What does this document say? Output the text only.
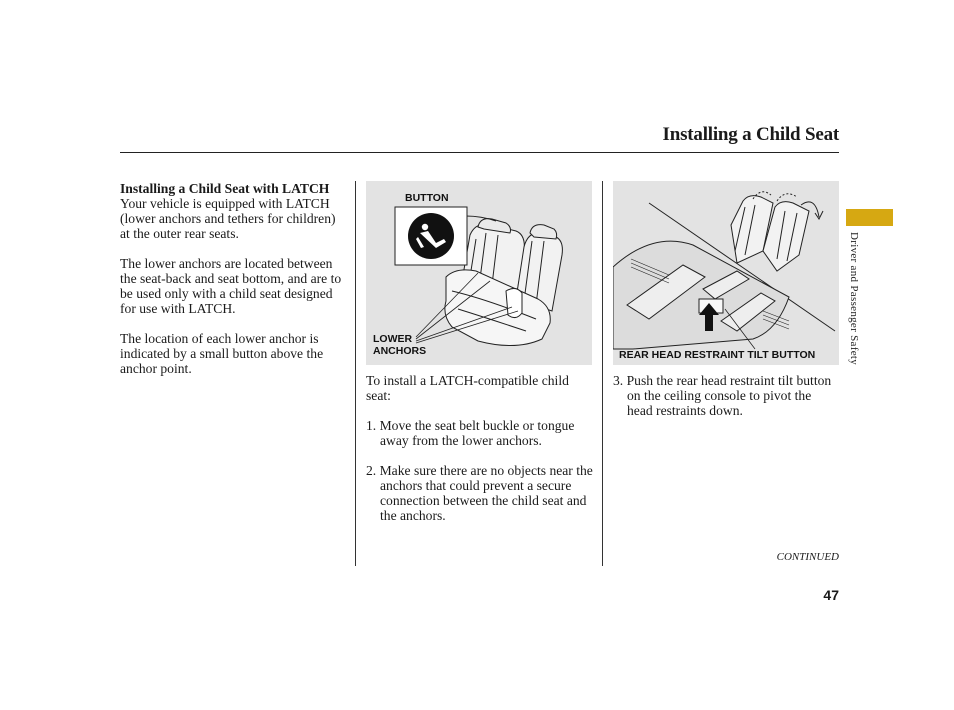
Installing a Child Seat
Installing a Child Seat with LATCH

Your vehicle is equipped with LATCH (lower anchors and tethers for children) at the outer rear seats.

The lower anchors are located between the seat-back and seat bottom, and are to be used only with a child seat designed for use with LATCH.

The location of each lower anchor is indicated by a small button above the anchor point.

BUTTON
LOWER
ANCHORS

To install a LATCH-compatible child seat:

1. Move the seat belt buckle or tongue away from the lower anchors.

2. Make sure there are no objects near the anchors that could prevent a secure connection between the child seat and the anchors.

REAR HEAD RESTRAINT TILT BUTTON

3. Push the rear head restraint tilt button on the ceiling console to pivot the head restraints down.

Driver and Passenger Safety
CONTINUED
47
